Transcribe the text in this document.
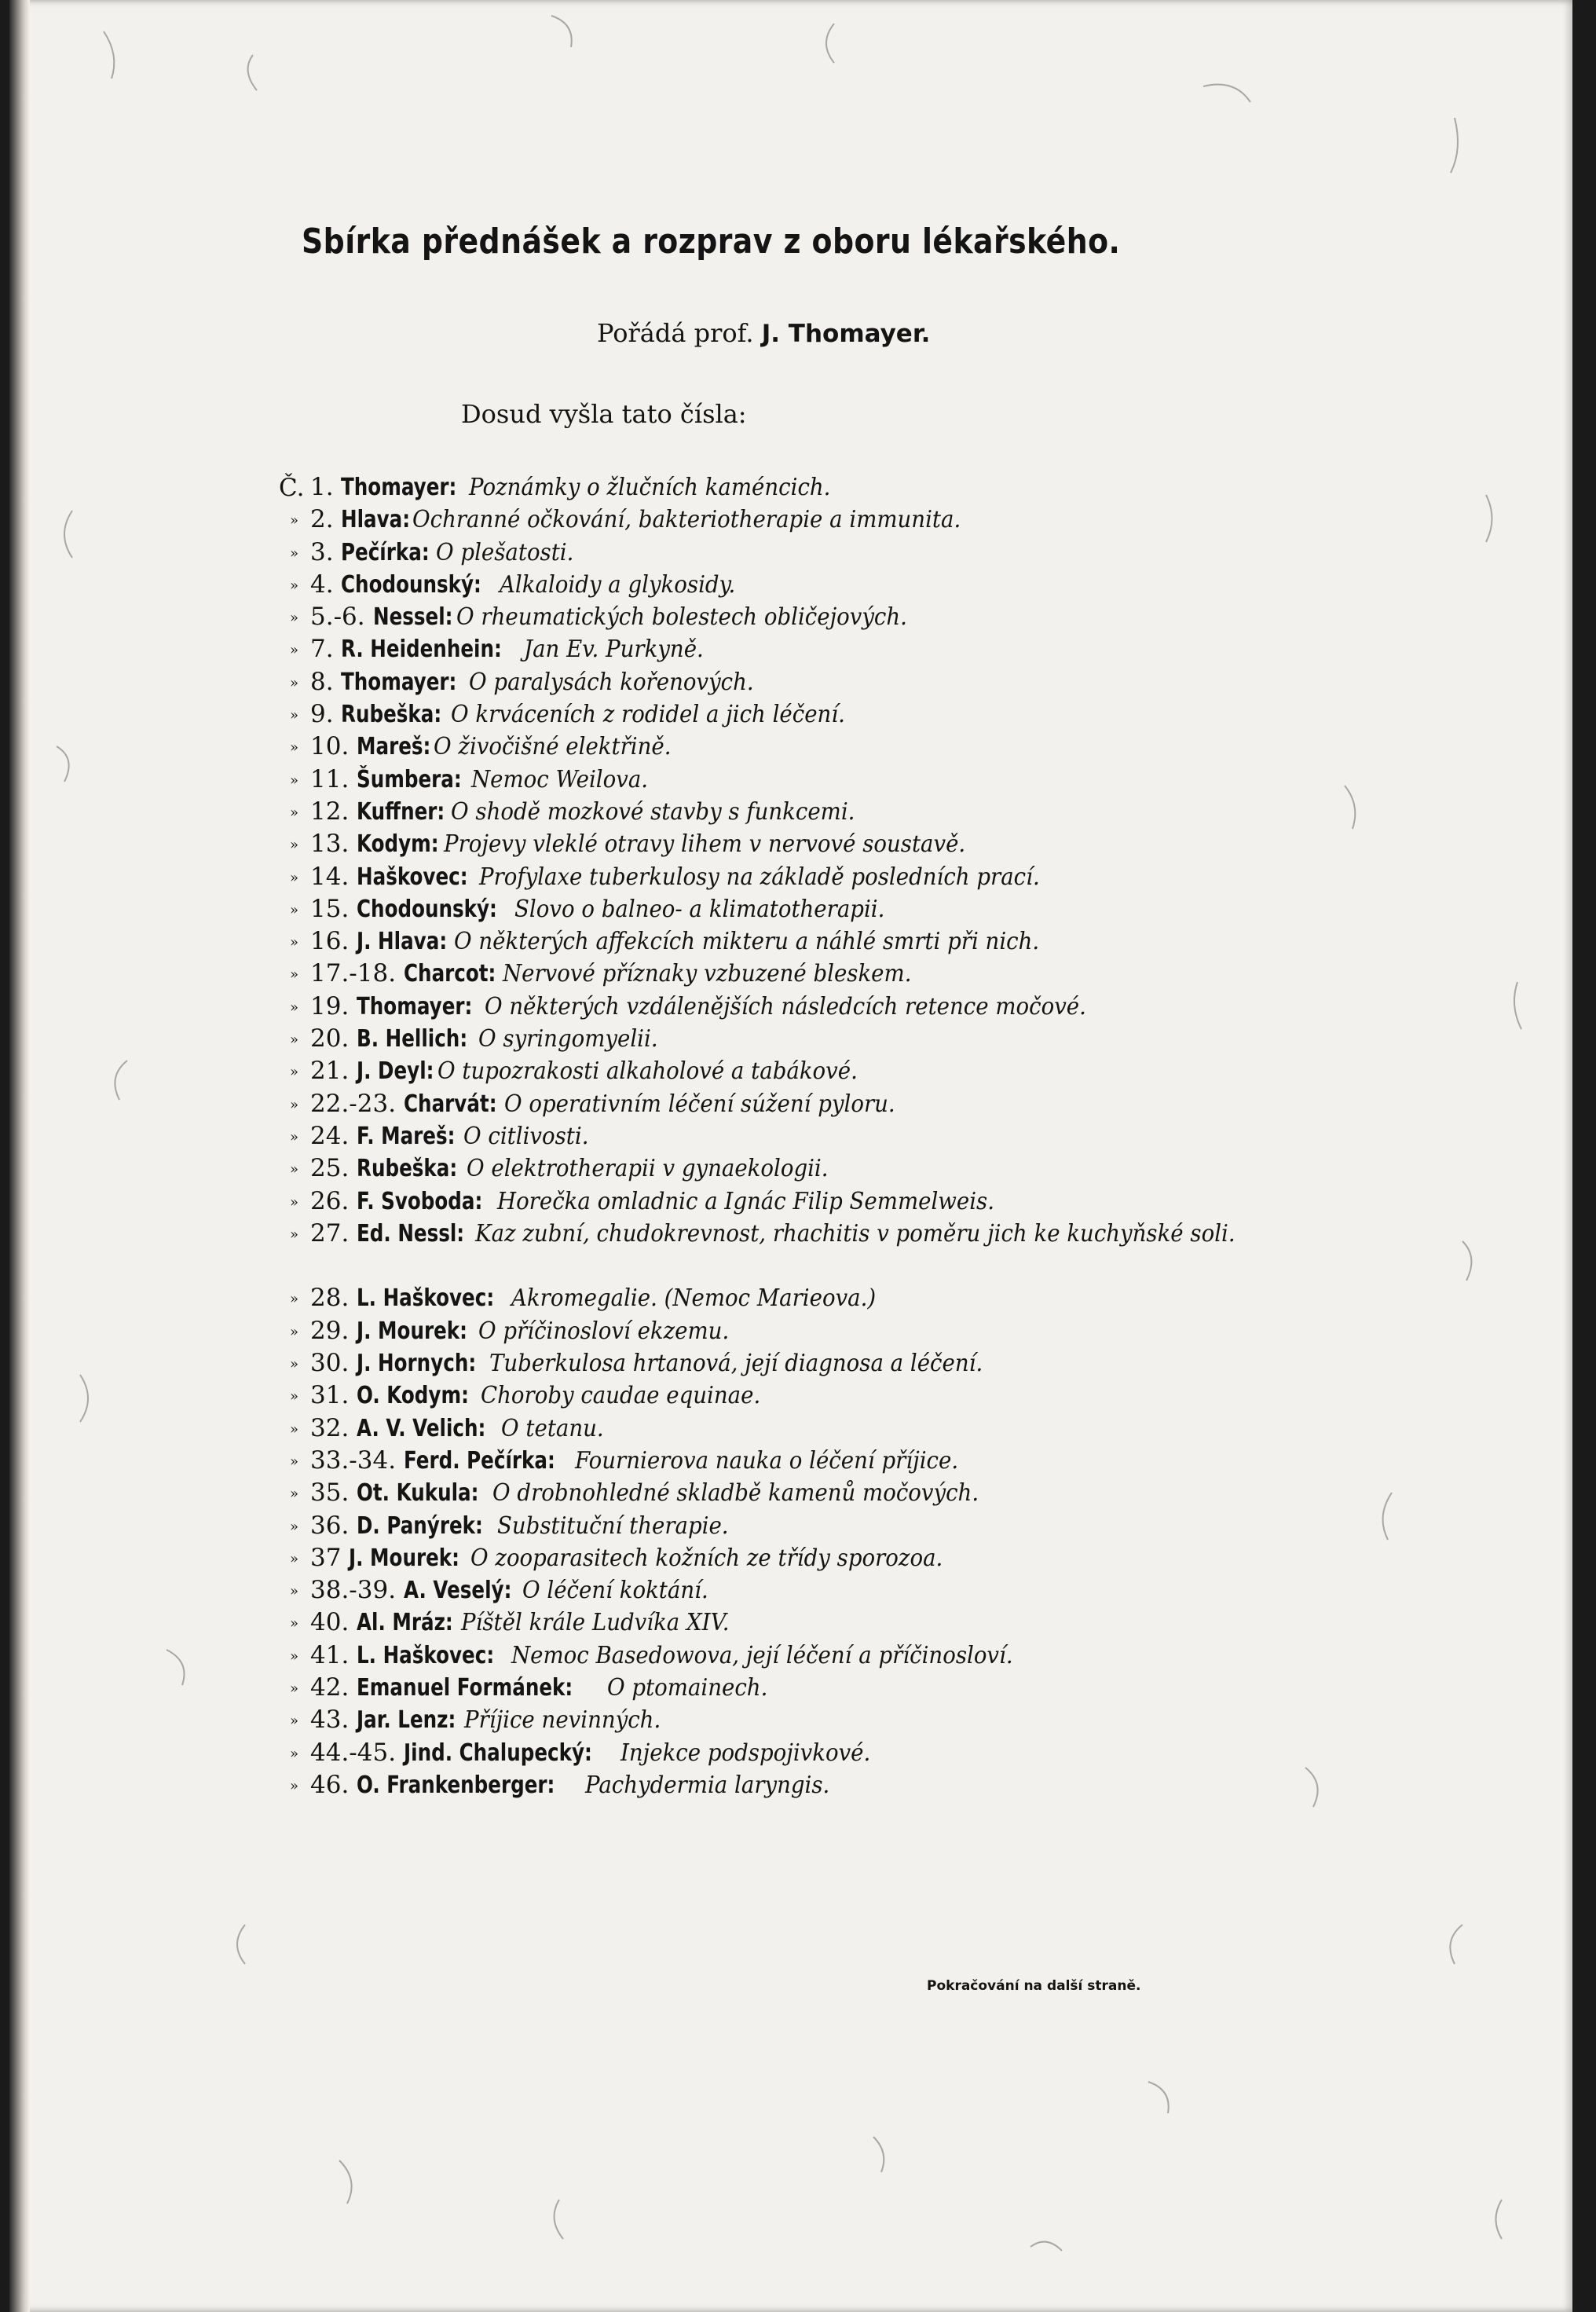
Sbírka přednášek a rozprav z oboru lékařského.
Pořádá prof. J. Thomayer.
Dosud vyšla tato čísla:
Č. 1. Thomayer: Poznámky o žlučních kaménciсh.
» 2. Hlava: Ochranné očkování, bakteriotherapie a immunita.
» 3. Pečírka: O plešatosti.
» 4. Chodounský: Alkaloidy a glykosidy.
» 5.-6. Nessel: O rheumatických bolestech obličejových.
» 7. R. Heidenhein: Jan Ev. Purkyně.
» 8. Thomayer: O paralysách kořenových.
» 9. Rubeška: O krváceních z rodidel a jich léčení.
» 10. Mareš: O živočišné elektřině.
» 11. Šumbera: Nemoc Weilova.
» 12. Kuffner: O shodě mozkové stavby s funkcemi.
» 13. Kodym: Projevy vleklé otravy lihem v nervové soustavě.
» 14. Haškovec: Profylaxe tuberkulosy na základě posledních prací.
» 15. Chodounský: Slovo o balneo- a klimatotherapii.
» 16. J. Hlava: O některých affekcích mikteru a náhlé smrti při nich.
» 17.-18. Charcot: Nervové příznaky vzbuzené bleskem.
» 19. Thomayer: O některých vzdálenějších následcích retence močové.
» 20. B. Hellich: O syringomyelii.
» 21. J. Deyl: O tupozrakosti alkaholové a tabákové.
» 22.-23. Charvát: O operativním léčení súžení pyloru.
» 24. F. Mareš: O citlivosti.
» 25. Rubeška: O elektrotherapii v gynaekologii.
» 26. F. Svoboda: Horečka omladnic a Ignác Filip Semmelweis.
» 27. Ed. Nessl: Kaz zubní, chudokrevnost, rhachitis v poměru jich ke kuchyňské soli.
» 28. L. Haškovec: Akromegalie. (Nemoc Marieova.)
» 29. J. Mourek: O příčinosloví ekzemu.
» 30. J. Hornych: Tuberkulosa hrtanová, její diagnosa a léčení.
» 31. O. Kodym: Choroby caudae equinae.
» 32. A. V. Velich: O tetanu.
» 33.-34. Ferd. Pečírka: Fournierova nauka o léčení příjice.
» 35. Ot. Kukula: O drobnohledné skladbě kamenů močových.
» 36. D. Panýrek: Substituční therapie.
» 37 J. Mourek: O zooparasitech kožních ze třídy sporozoa.
» 38.-39. A. Veselý: O léčení koktání.
» 40. Al. Mráz: Píštěl krále Ludvíka XIV.
» 41. L. Haškovec: Nemoc Basedowova, její léčení a příčinosloví.
» 42. Emanuel Formánek: O ptomainech.
» 43. Jar. Lenz: Příjice nevinných.
» 44.-45. Jind. Chalupecký: Injekce podspojivkové.
» 46. O. Frankenberger: Pachydermia laryngis.
Pokračování na další straně.
